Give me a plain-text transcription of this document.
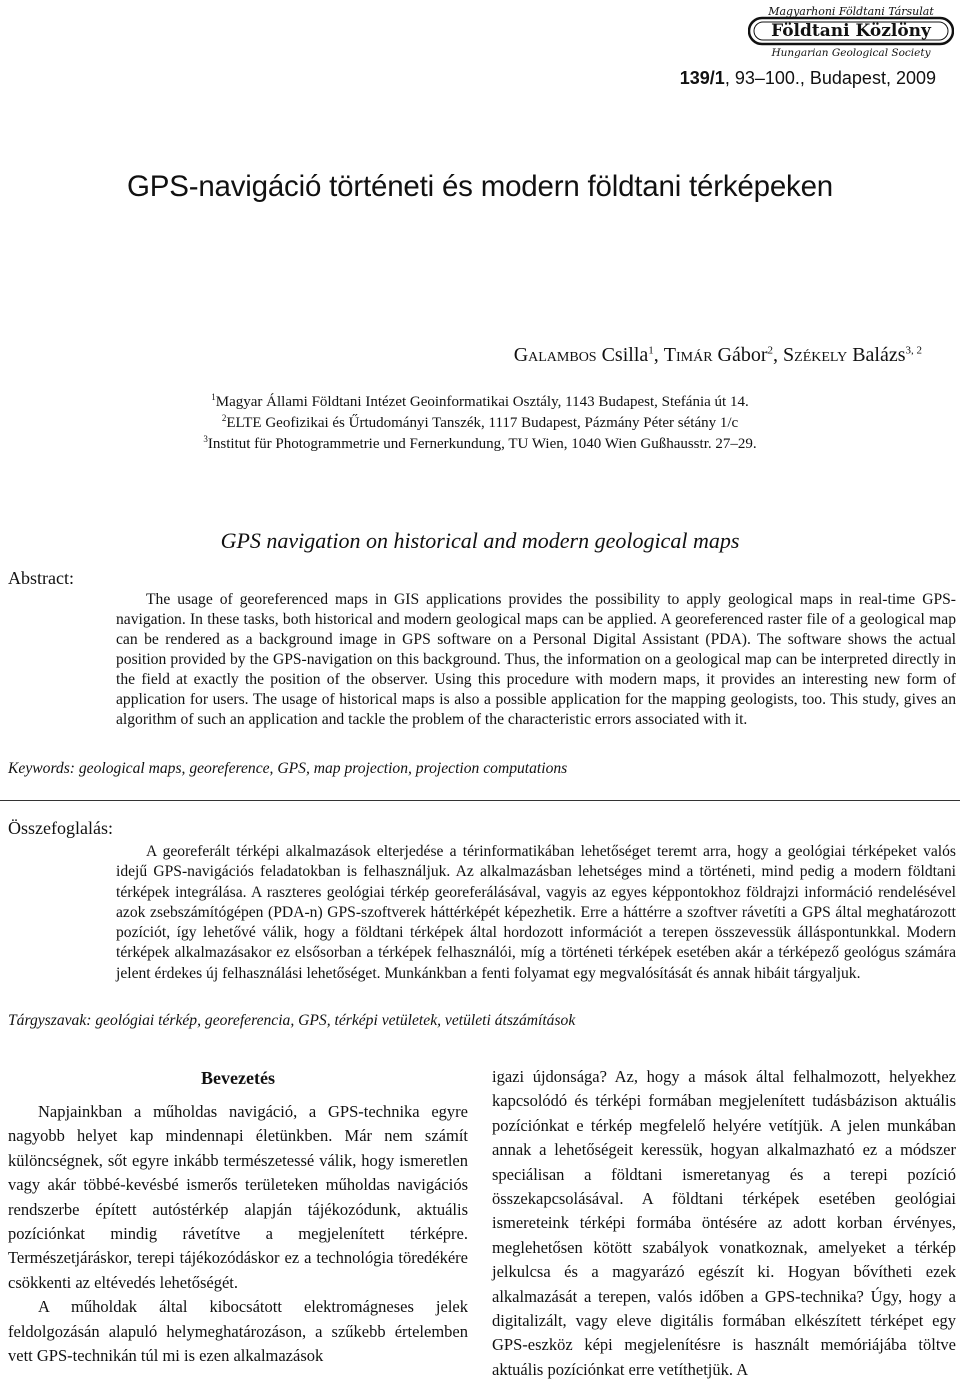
Magyarhoni Földtani Társulat
Földtani Közlöny
Hungarian Geological Society
139/1, 93–100., Budapest, 2009
GPS-navigáció történeti és modern földtani térképeken
Galambos Csilla$^1$, Timár Gábor$^2$, Székely Balázs$^{3, 2}$
$^1$Magyar Állami Földtani Intézet Geoinformatikai Osztály, 1143 Budapest, Stefánia út 14.
$^2$ELTE Geofizikai és Űrtudományi Tanszék, 1117 Budapest, Pázmány Péter sétány 1/c
$^3$Institut für Photogrammetrie und Fernerkundung, TU Wien, 1040 Wien Gußhausstr. 27–29.
GPS navigation on historical and modern geological maps
Abstract:

The usage of georeferenced maps in GIS applications provides the possibility to apply geological maps in real-time GPS-navigation. In these tasks, both historical and modern geological maps can be applied. A georeferenced raster file of a geological map can be rendered as a background image in GPS software on a Personal Digital Assistant (PDA). The software shows the actual position provided by the GPS-navigation on this background. Thus, the information on a geological map can be interpreted directly in the field at exactly the position of the observer. Using this procedure with modern maps, it provides an interesting new form of application for users. The usage of historical maps is also a possible application for the mapping geologists, too. This study, gives an algorithm of such an application and tackle the problem of the characteristic errors associated with it.

Keywords: geological maps, georeference, GPS, map projection, projection computations
Összefoglalás:

A georeferált térképi alkalmazások elterjedése a térinformatikában lehetőséget teremt arra, hogy a geológiai térképeket valós idejű GPS-navigációs feladatokban is felhasználjuk. Az alkalmazásban lehetséges mind a történeti, mind pedig a modern földtani térképek integrálása. A raszteres geológiai térkép georeferálásával, vagyis az egyes képpontokhoz földrajzi információ rendelésével azok zsebszámítógépen (PDA-n) GPS-szoftverek háttérképét képezhetik. Erre a háttérre a szoftver rávetíti a GPS által meghatározott pozíciót, így lehetővé válik, hogy a földtani térképek által hordozott információt a terepen összevessük álláspontunkkal. Modern térképek alkalmazásakor ez elsősorban a térképek felhasználói, míg a történeti térképek esetében akár a térképező geológus számára jelent érdekes új felhasználási lehetőséget. Munkánkban a fenti folyamat egy megvalósítását és annak hibáit tárgyaljuk.

Tárgyszavak: geológiai térkép, georeferencia, GPS, térképi vetületek, vetületi átszámítások
Bevezetés

Napjainkban a műholdas navigáció, a GPS-technika egyre nagyobb helyet kap mindennapi életünkben. Már nem számít különcségnek, sőt egyre inkább természetessé válik, hogy ismeretlen vagy akár többé-kevésbé ismerős területeken műholdas navigációs rendszerbe épített autóstérkép alapján tájékozódunk, aktuális pozíciónkat mindig rávetítve a megjelenített térképre. Természetjáráskor, terepi tájékozódáskor ez a technológia töredékére csökkenti az eltévedés lehetőségét.

A műholdak által kibocsátott elektromágneses jelek feldolgozásán alapuló helymeghatározáson, a szűkebb értelemben vett GPS-technikán túl mi is ezen alkalmazások

igazi újdonsága? Az, hogy a mások által felhalmozott, helyekhez kapcsolódó és térképi formában megjelenített tudásbázison aktuális pozíciónkat e térkép megfelelő helyére vetítjük. A jelen munkában annak a lehetőségeit keressük, hogyan alkalmazható ez a módszer speciálisan a földtani ismeretanyag és a terepi pozíció összekapcsolásával. A földtani térképek esetében geológiai ismereteink térképi formába öntésére az adott korban érvényes, meglehetősen kötött szabályok vonatkoznak, amelyeket a térkép jelkulcsa és a magyarázó egészít ki. Hogyan bővítheti ezek alkalmazását a terepen, valós időben a GPS-technika? Úgy, hogy a digitalizált, vagy eleve digitális formában elkészített térképet egy GPS-eszköz képi megjelenítésre is használt memóriájába töltve aktuális pozíciónkat erre vetíthetjük. A
